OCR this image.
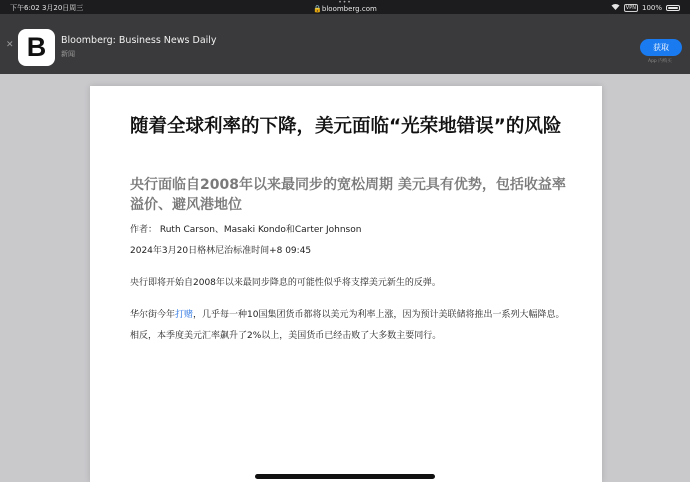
下午6:02 3月20日周三
•••
🔒bloomberg.com	VPN 100%
✕ B	Bloomberg: Business News Daily
新闻
获取
App 内购买
随着全球利率的下降，美元面临“光荣地错误”的风险
央行面临自2008年以来最同步的宽松周期 美元具有优势，包括收益率溢价、避风港地位
作者： Ruth Carson、Masaki Kondo和Carter Johnson
2024年3月20日格林尼治标准时间+8 09:45

央行即将开始自2008年以来最同步降息的可能性似乎将支撑美元新生的反弹。

华尔街今年打赌，几乎每一种10国集团货币都将以美元为利率上涨，因为预计美联储将推出一系列大幅降息。相反，本季度美元汇率飙升了2%以上，美国货币已经击败了大多数主要同行。
